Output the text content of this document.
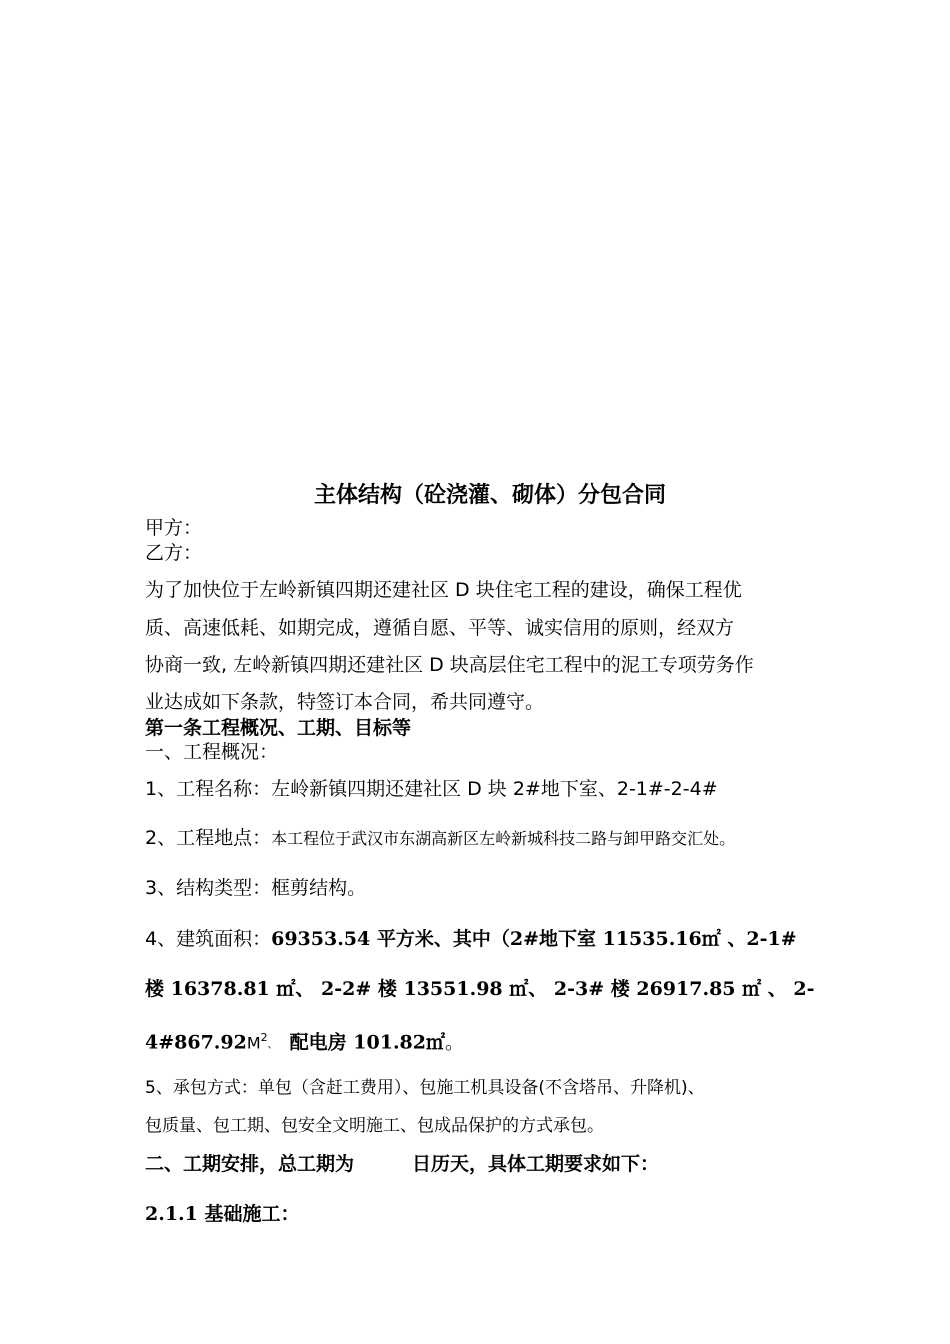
主体结构（砼浇灌、砌体）分包合同
甲方：
乙方：
为了加快位于左岭新镇四期还建社区 D 块住宅工程的建设，确保工程优
质、高速低耗、如期完成，遵循自愿、平等、诚实信用的原则，经双方
协商一致, 左岭新镇四期还建社区 D 块高层住宅工程中的泥工专项劳务作
业达成如下条款，特签订本合同，希共同遵守。
第一条工程概况、工期、目标等
一、工程概况：
1、工程名称：左岭新镇四期还建社区 D 块 2#地下室、2-1#-2-4#
2、工程地点：本工程位于武汉市东湖高新区左岭新城科技二路与卸甲路交汇处。
3、结构类型：框剪结构。
4、建筑面积：69353.54 平方米、其中（2#地下室 11535.16㎡ 、2-1#
楼 16378.81 ㎡ 、 2-2# 楼 13551.98 ㎡ 、 2-3# 楼 26917.85 ㎡ 、 2-
$4\#867.92M^2$、 配电房 101.82㎡。
5、承包方式：单包（含赶工费用）、包施工机具设备(不含塔吊、升降机)、
包质量、包工期、包安全文明施工、包成品保护的方式承包。
二、工期安排，总工期为	日历天，具体工期要求如下：
2.1.1 基础施工：
